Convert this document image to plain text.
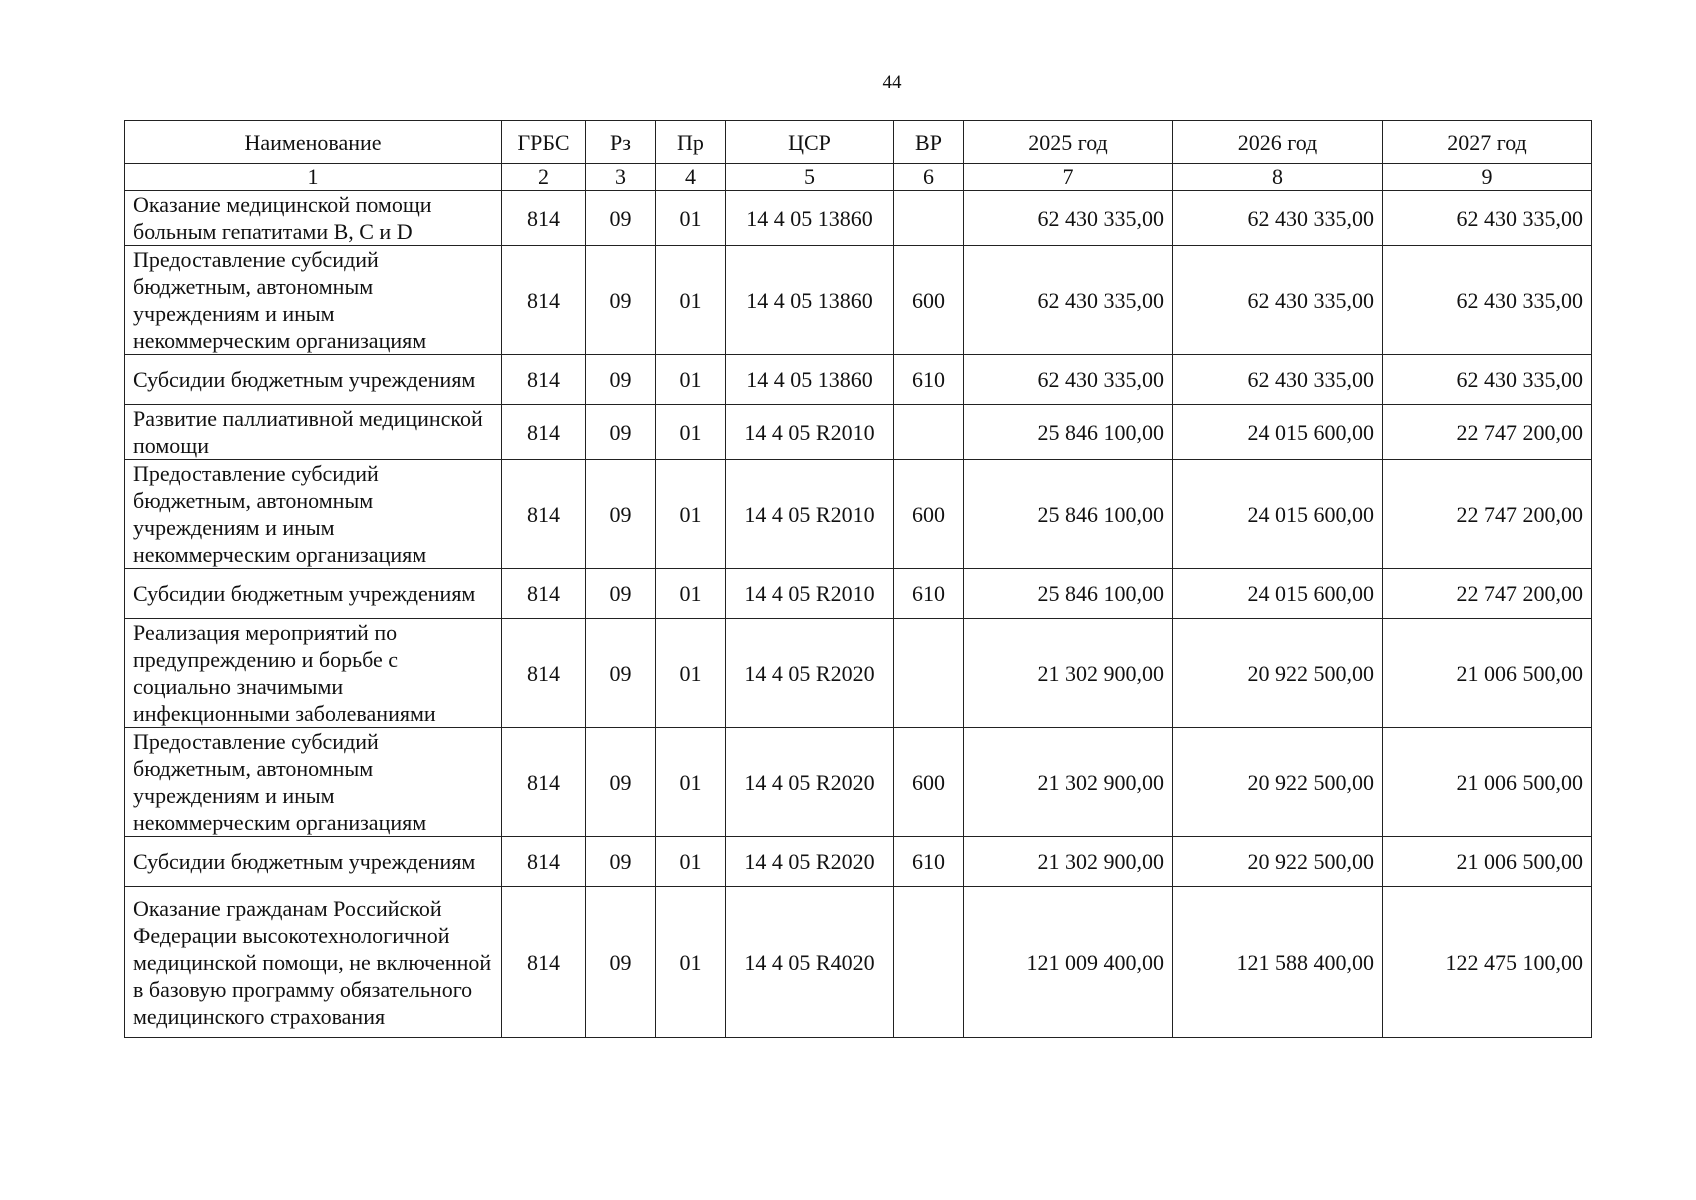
44
Наименование	ГРБС	Рз	Пр	ЦСР	ВР	2025 год	2026 год	2027 год
1	2	3	4	5	6	7	8	9
Оказание медицинской помощи больным гепатитами B, C и D	814	09	01	14 4 05 13860		62 430 335,00	62 430 335,00	62 430 335,00
Предоставление субсидий бюджетным, автономным учреждениям и иным некоммерческим организациям	814	09	01	14 4 05 13860	600	62 430 335,00	62 430 335,00	62 430 335,00
Субсидии бюджетным учреждениям	814	09	01	14 4 05 13860	610	62 430 335,00	62 430 335,00	62 430 335,00
Развитие паллиативной медицинской помощи	814	09	01	14 4 05 R2010		25 846 100,00	24 015 600,00	22 747 200,00
Предоставление субсидий бюджетным, автономным учреждениям и иным некоммерческим организациям	814	09	01	14 4 05 R2010	600	25 846 100,00	24 015 600,00	22 747 200,00
Субсидии бюджетным учреждениям	814	09	01	14 4 05 R2010	610	25 846 100,00	24 015 600,00	22 747 200,00
Реализация мероприятий по предупреждению и борьбе с социально значимыми инфекционными заболеваниями	814	09	01	14 4 05 R2020		21 302 900,00	20 922 500,00	21 006 500,00
Предоставление субсидий бюджетным, автономным учреждениям и иным некоммерческим организациям	814	09	01	14 4 05 R2020	600	21 302 900,00	20 922 500,00	21 006 500,00
Субсидии бюджетным учреждениям	814	09	01	14 4 05 R2020	610	21 302 900,00	20 922 500,00	21 006 500,00
Оказание гражданам Российской Федерации высокотехнологичной медицинской помощи, не включенной в базовую программу обязательного медицинского страхования	814	09	01	14 4 05 R4020		121 009 400,00	121 588 400,00	122 475 100,00
